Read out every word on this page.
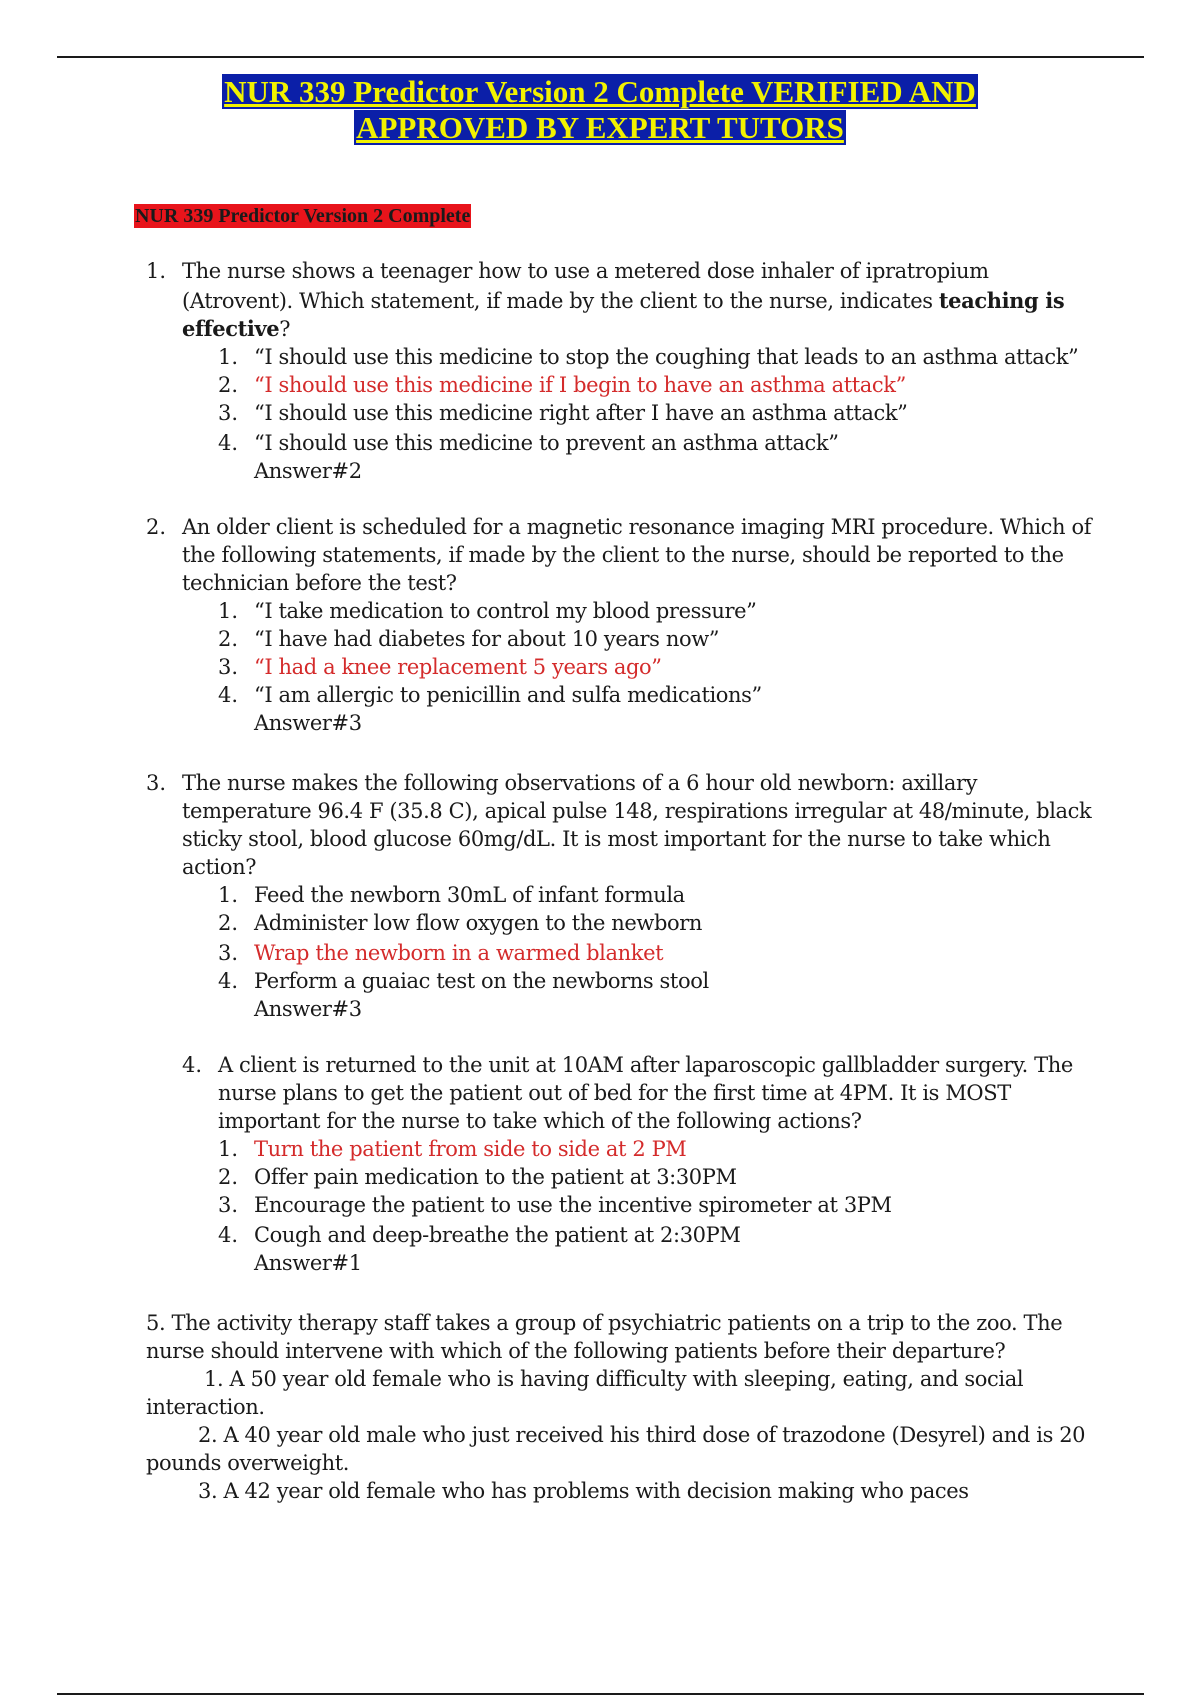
NUR 339 Predictor Version 2 Complete VERIFIED AND
APPROVED BY EXPERT TUTORS
NUR 339 Predictor Version 2 Complete
1. The nurse shows a teenager how to use a metered dose inhaler of ipratropium
(Atrovent). Which statement, if made by the client to the nurse, indicates teaching is
effective?
1. “I should use this medicine to stop the coughing that leads to an asthma attack”
2. “I should use this medicine if I begin to have an asthma attack”
3. “I should use this medicine right after I have an asthma attack”
4. “I should use this medicine to prevent an asthma attack”
Answer#2
2. An older client is scheduled for a magnetic resonance imaging MRI procedure. Which of
the following statements, if made by the client to the nurse, should be reported to the
technician before the test?
1. “I take medication to control my blood pressure”
2. “I have had diabetes for about 10 years now”
3. “I had a knee replacement 5 years ago”
4. “I am allergic to penicillin and sulfa medications”
Answer#3
3. The nurse makes the following observations of a 6 hour old newborn: axillary
temperature 96.4 F (35.8 C), apical pulse 148, respirations irregular at 48/minute, black
sticky stool, blood glucose 60mg/dL. It is most important for the nurse to take which
action?
1. Feed the newborn 30mL of infant formula
2. Administer low flow oxygen to the newborn
3. Wrap the newborn in a warmed blanket
4. Perform a guaiac test on the newborns stool
Answer#3
4. A client is returned to the unit at 10AM after laparoscopic gallbladder surgery. The
nurse plans to get the patient out of bed for the first time at 4PM. It is MOST
important for the nurse to take which of the following actions?
1. Turn the patient from side to side at 2 PM
2. Offer pain medication to the patient at 3:30PM
3. Encourage the patient to use the incentive spirometer at 3PM
4. Cough and deep-breathe the patient at 2:30PM
Answer#1
5. The activity therapy staff takes a group of psychiatric patients on a trip to the zoo. The
nurse should intervene with which of the following patients before their departure?
1. A 50 year old female who is having difficulty with sleeping, eating, and social
interaction.
2. A 40 year old male who just received his third dose of trazodone (Desyrel) and is 20
pounds overweight.
3. A 42 year old female who has problems with decision making who paces
